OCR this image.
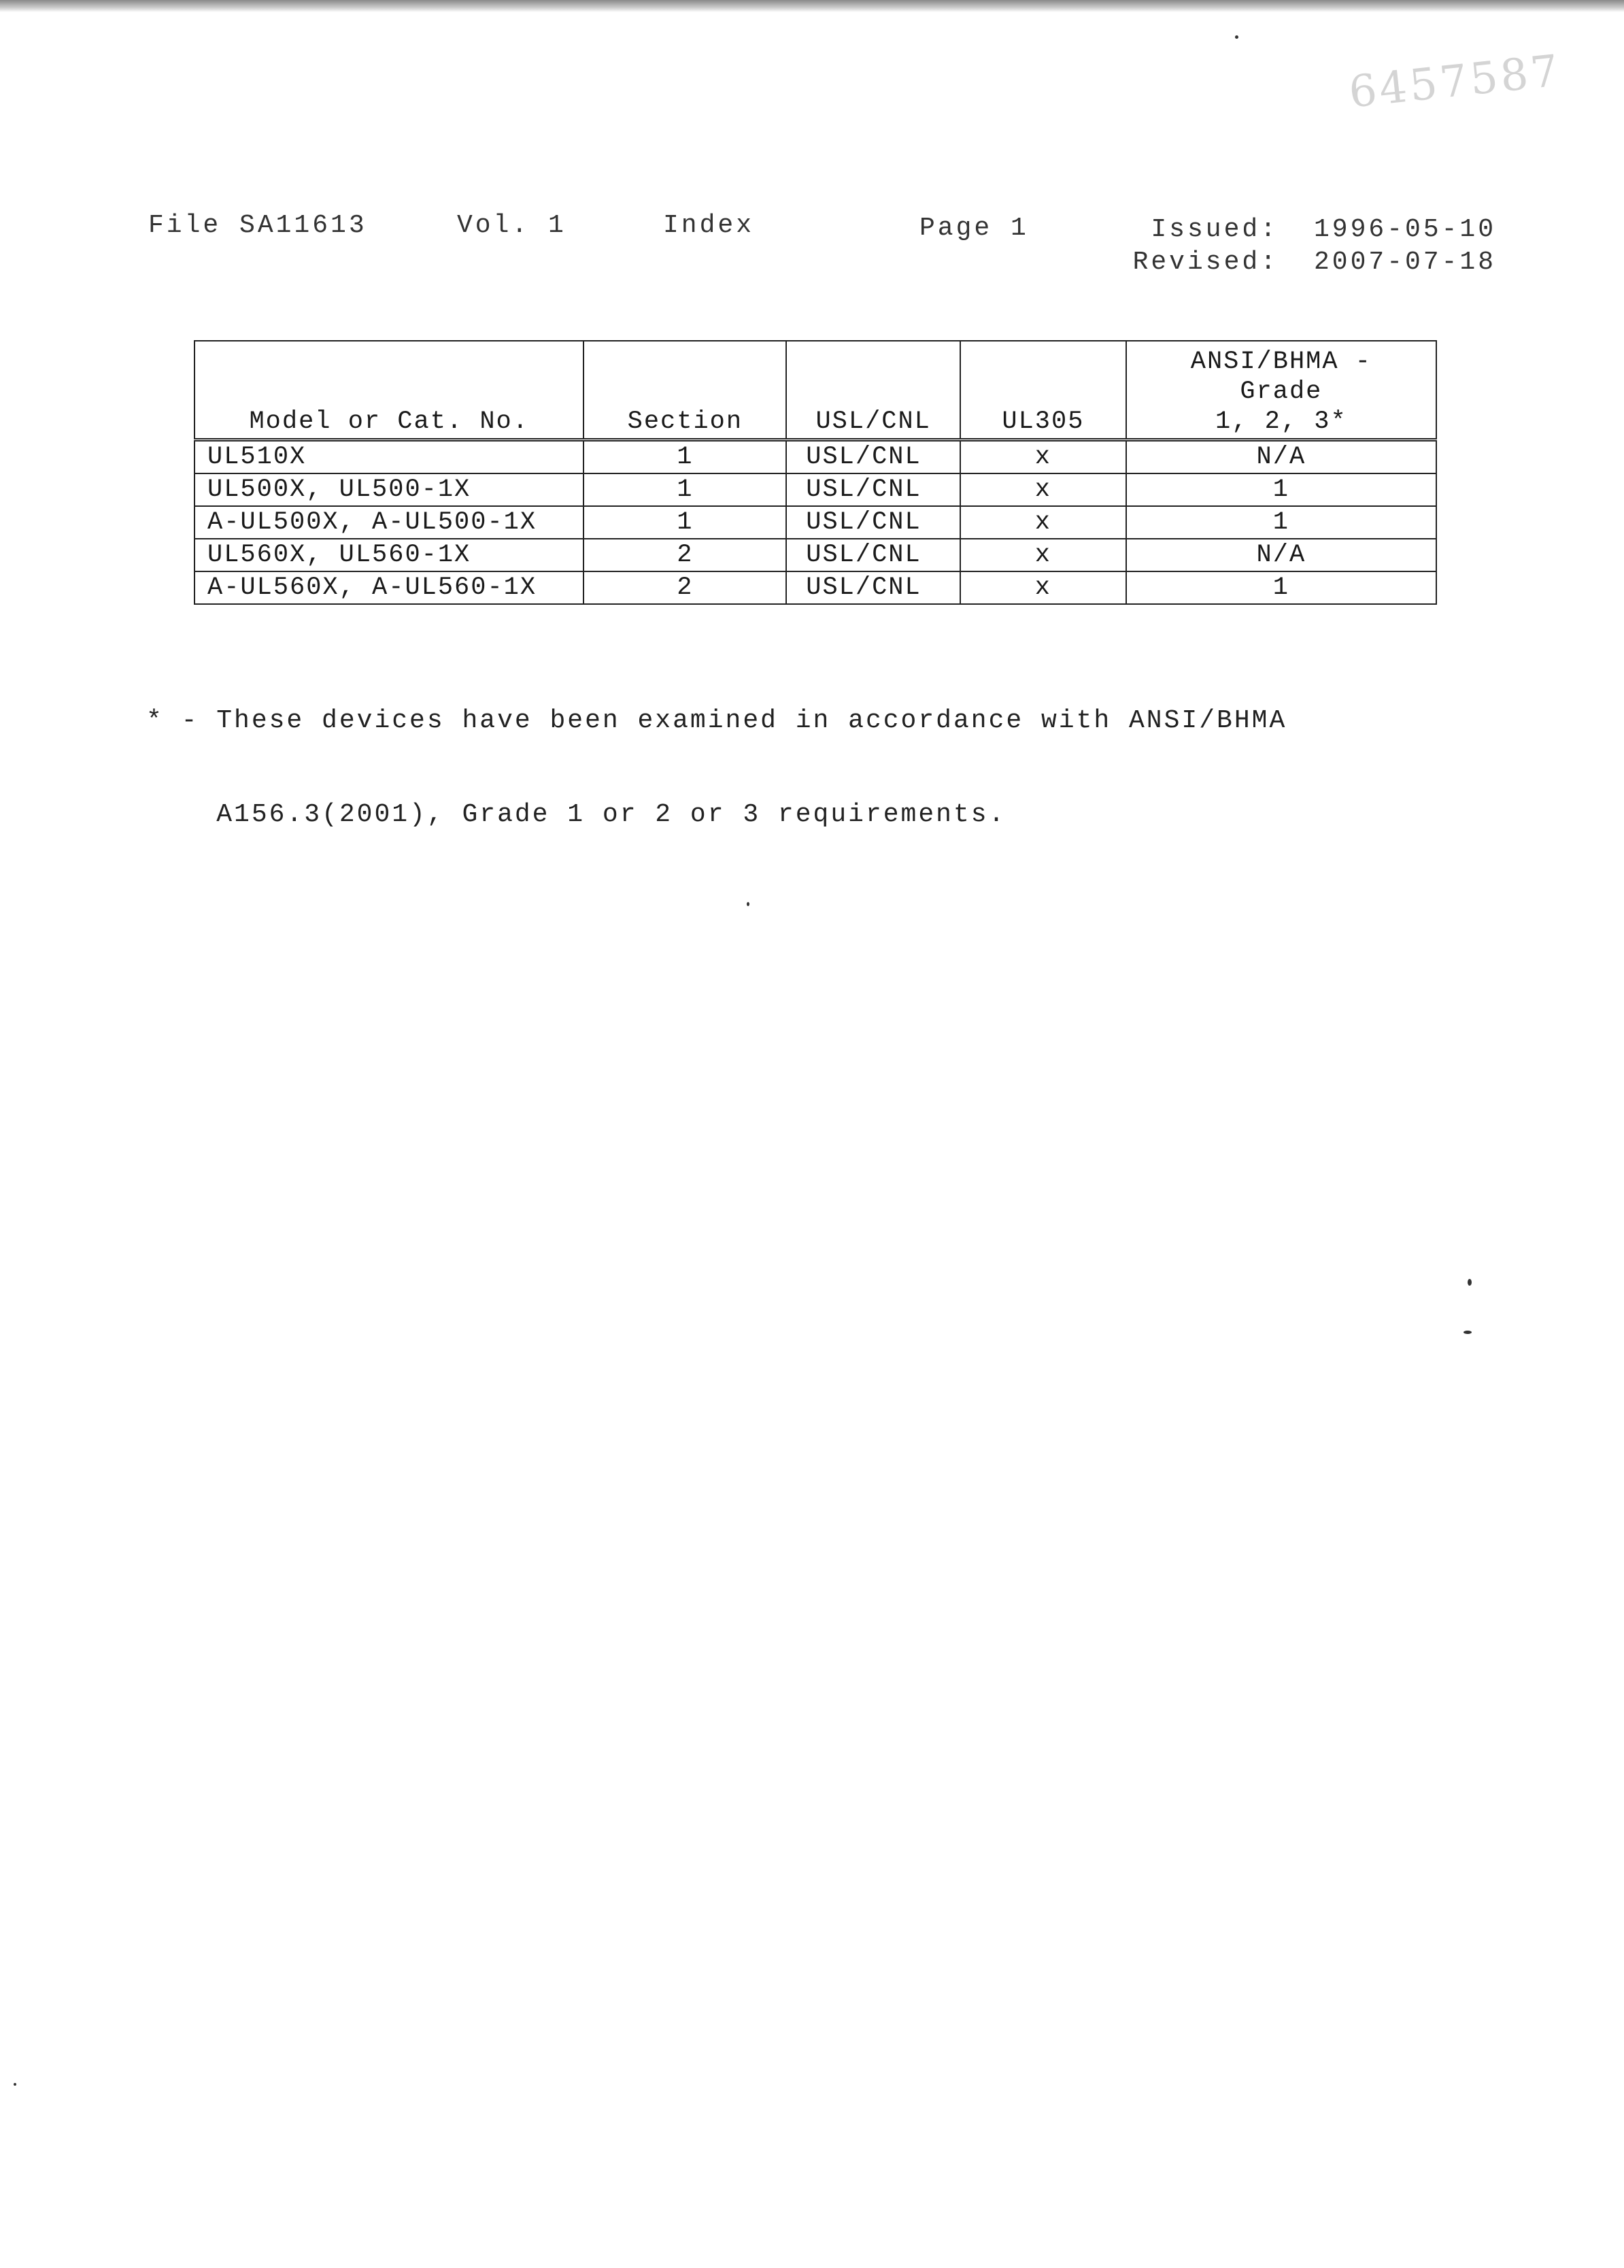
6457587
File SA11613	Vol. 1	Index	Page 1	Issued: 1996-05-10
Revised: 2007-07-18
Model or Cat. No.	Section	USL/CNL	UL305	ANSI/BHMA -
Grade
1, 2, 3*

UL510X	1	USL/CNL	x	N/A
UL500X, UL500-1X	1	USL/CNL	x	1
A-UL500X, A-UL500-1X	1	USL/CNL	x	1
UL560X, UL560-1X	2	USL/CNL	x	N/A
A-UL560X, A-UL560-1X	2	USL/CNL	x	1

* - These devices have been examined in accordance with ANSI/BHMA

A156.3(2001), Grade 1 or 2 or 3 requirements.
